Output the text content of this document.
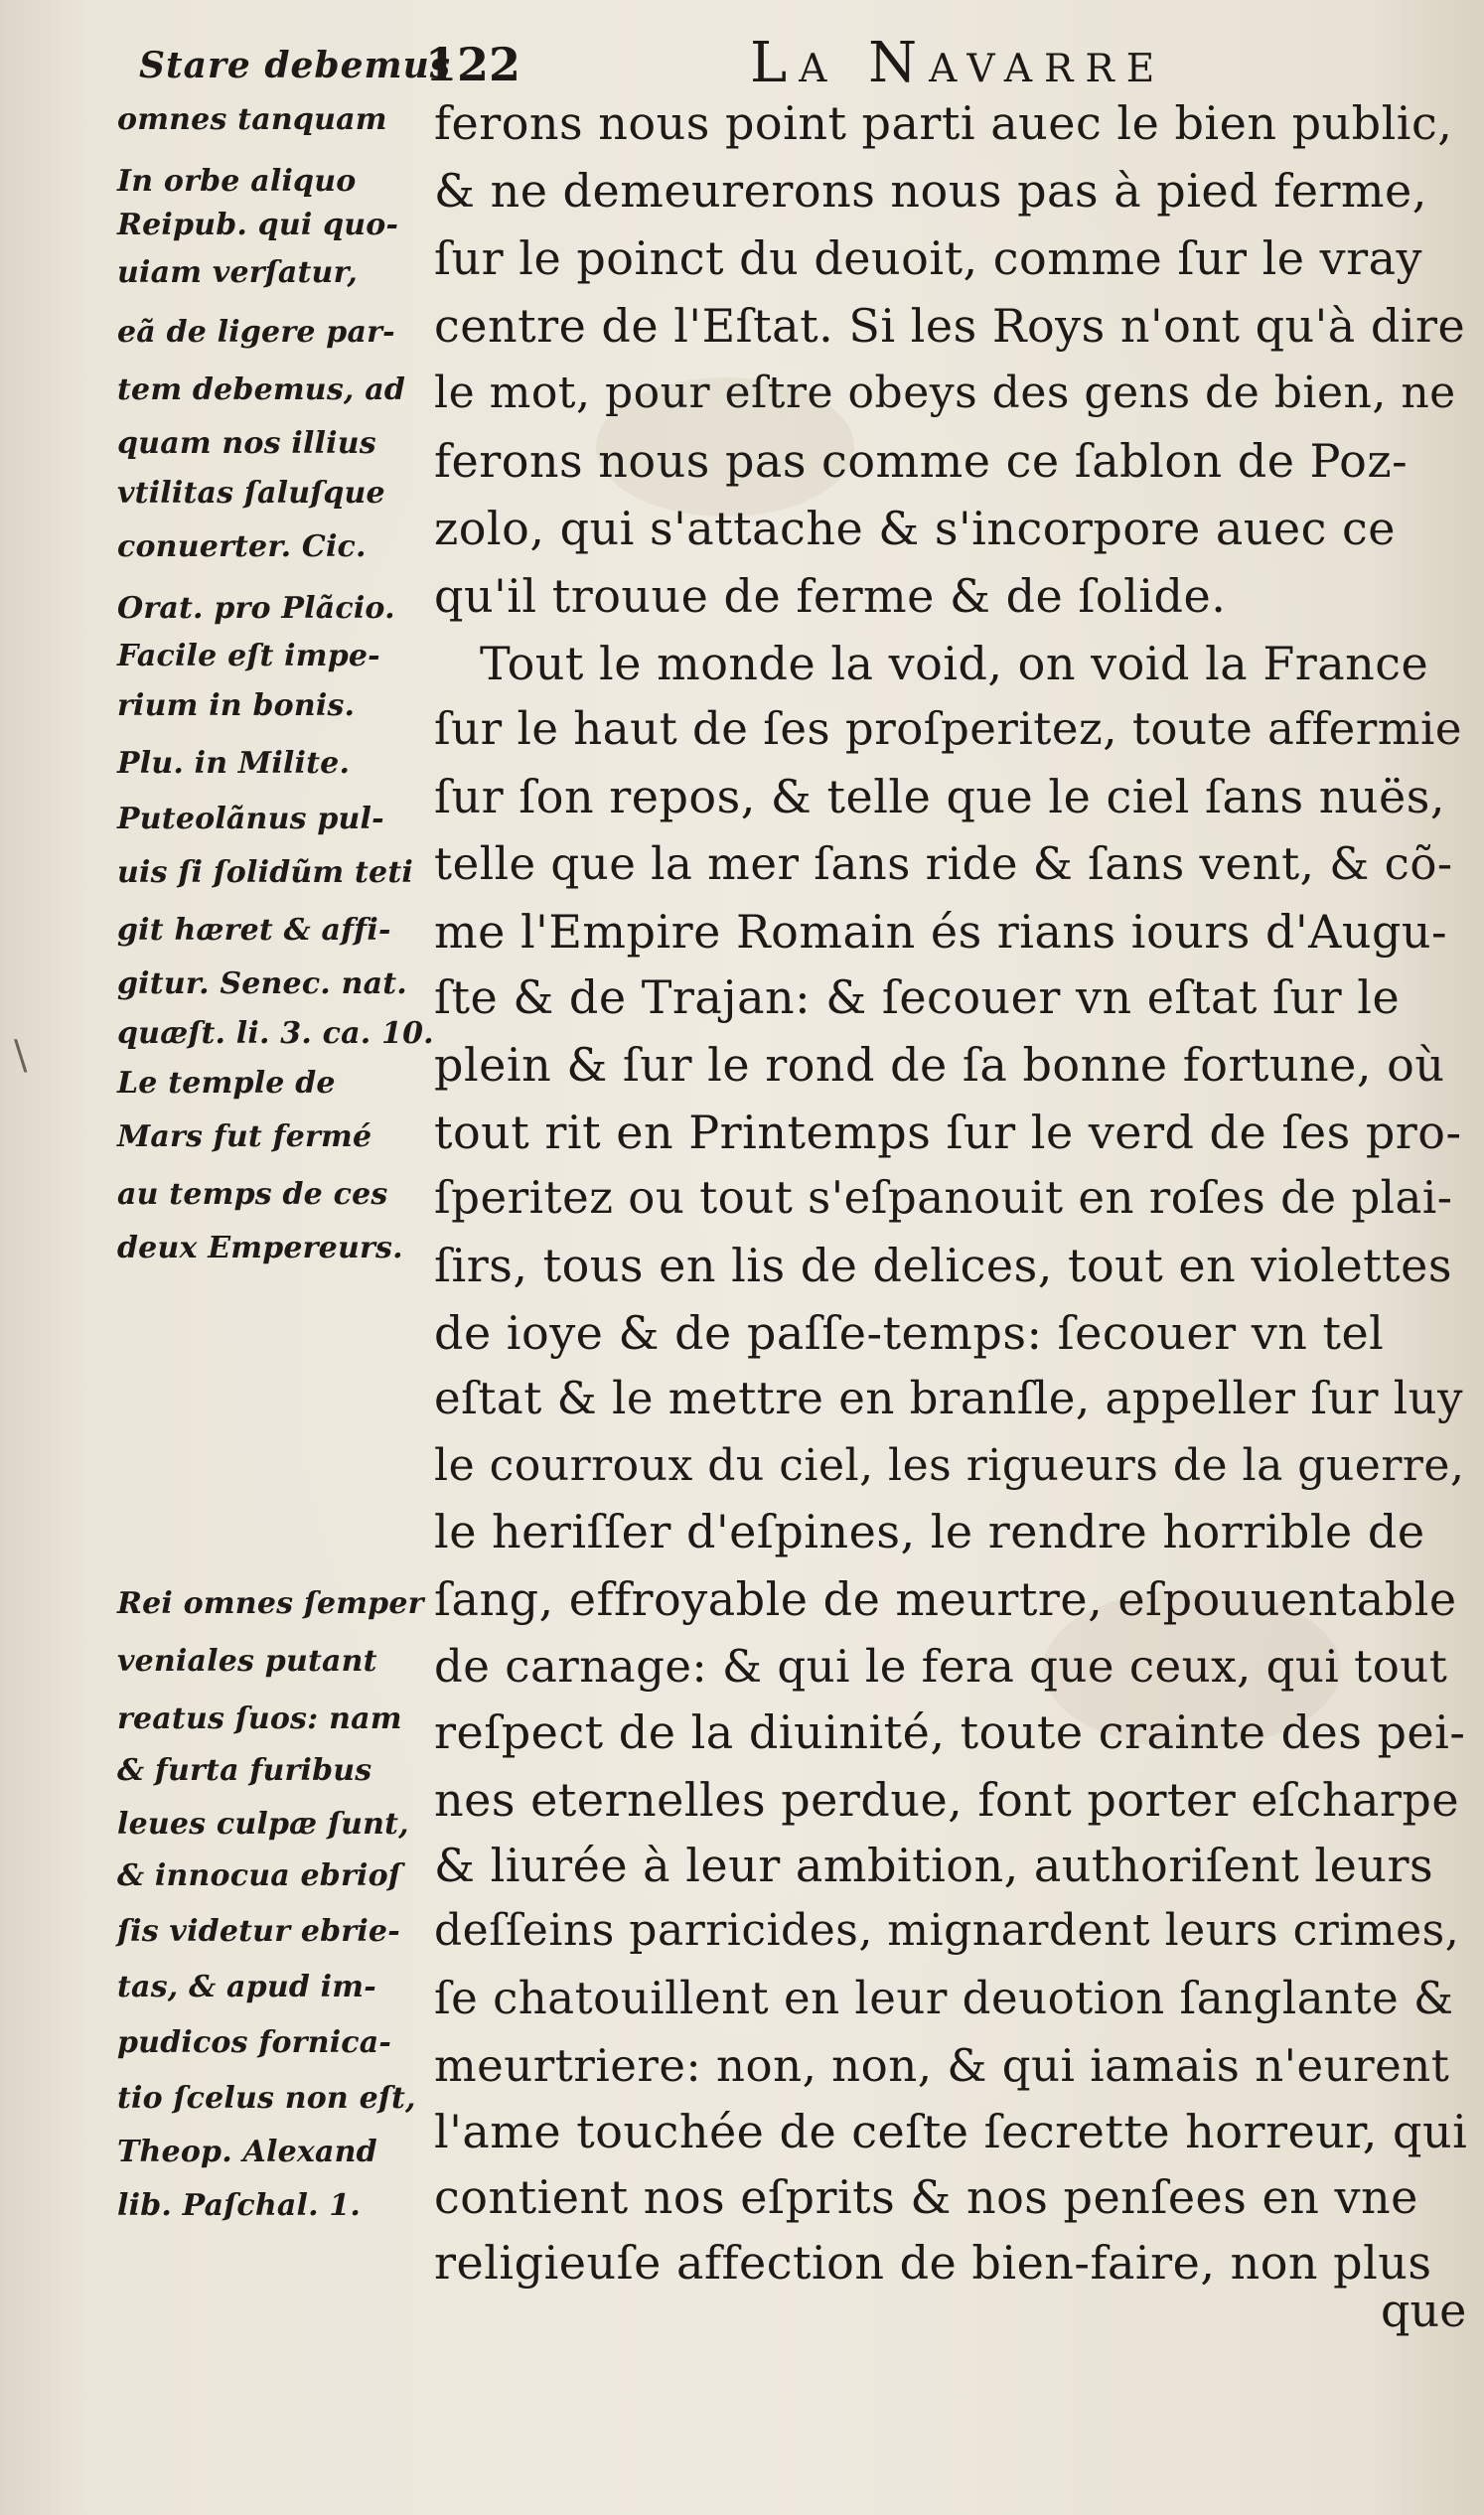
Stare debemus
122	La Navarre
\
omnes tanquam
In orbe aliquo
Reipub. qui quo-
uiam verſatur,
eã de ligere par-
tem debemus, ad
quam nos illius
vtilitas ſaluſque
conuerter. Cic.
Orat. pro Plãcio.
Facile eſt impe-
rium in bonis.
Plu. in Milite.
Puteolãnus pul-
uis ſi ſolidũm teti
git hæret & affi-
gitur. Senec. nat.
quæſt. li. 3. ca. 10.
Le temple de
Mars fut fermé
au temps de ces
deux Empereurs.
Rei omnes ſemper
veniales putant
reatus ſuos: nam
& furta furibus
leues culpæ ſunt,
& innocua ebrioſ
ſis videtur ebrie-
tas, & apud im-
pudicos fornica-
tio ſcelus non eſt,
Theop. Alexand
lib. Paſchal. 1.
ferons nous point parti auec le bien public,
& ne demeurerons nous pas à pied ferme,
ſur le poinct du deuoit, comme ſur le vray
centre de l'Eſtat. Si les Roys n'ont qu'à dire
le mot, pour eſtre obeys des gens de bien, ne
ferons nous pas comme ce ſablon de Poz-
zolo, qui s'attache & s'incorpore auec ce
qu'il trouue de ferme & de ſolide.
Tout le monde la void, on void la France
ſur le haut de ſes proſperitez, toute affermie
ſur ſon repos, & telle que le ciel ſans nuës,
telle que la mer ſans ride & ſans vent, & cõ-
me l'Empire Romain és rians iours d'Augu-
ſte & de Trajan: & ſecouer vn eſtat ſur le
plein & ſur le rond de ſa bonne fortune, où
tout rit en Printemps ſur le verd de ſes pro-
ſperitez ou tout s'eſpanouit en roſes de plai-
ſirs, tous en lis de delices, tout en violettes
de ioye & de paſſe-temps: ſecouer vn tel
eſtat & le mettre en branſle, appeller ſur luy
le courroux du ciel, les rigueurs de la guerre,
le heriſſer d'eſpines, le rendre horrible de
ſang, effroyable de meurtre, eſpouuentable
de carnage: & qui le fera que ceux, qui tout
reſpect de la diuinité, toute crainte des pei-
nes eternelles perdue, font porter eſcharpe
& liurée à leur ambition, authoriſent leurs
deſſeins parricides, mignardent leurs crimes,
ſe chatouillent en leur deuotion ſanglante &
meurtriere: non, non, & qui iamais n'eurent
l'ame touchée de ceſte ſecrette horreur, qui
contient nos eſprits & nos penſees en vne
religieuſe affection de bien-faire, non plus
que
